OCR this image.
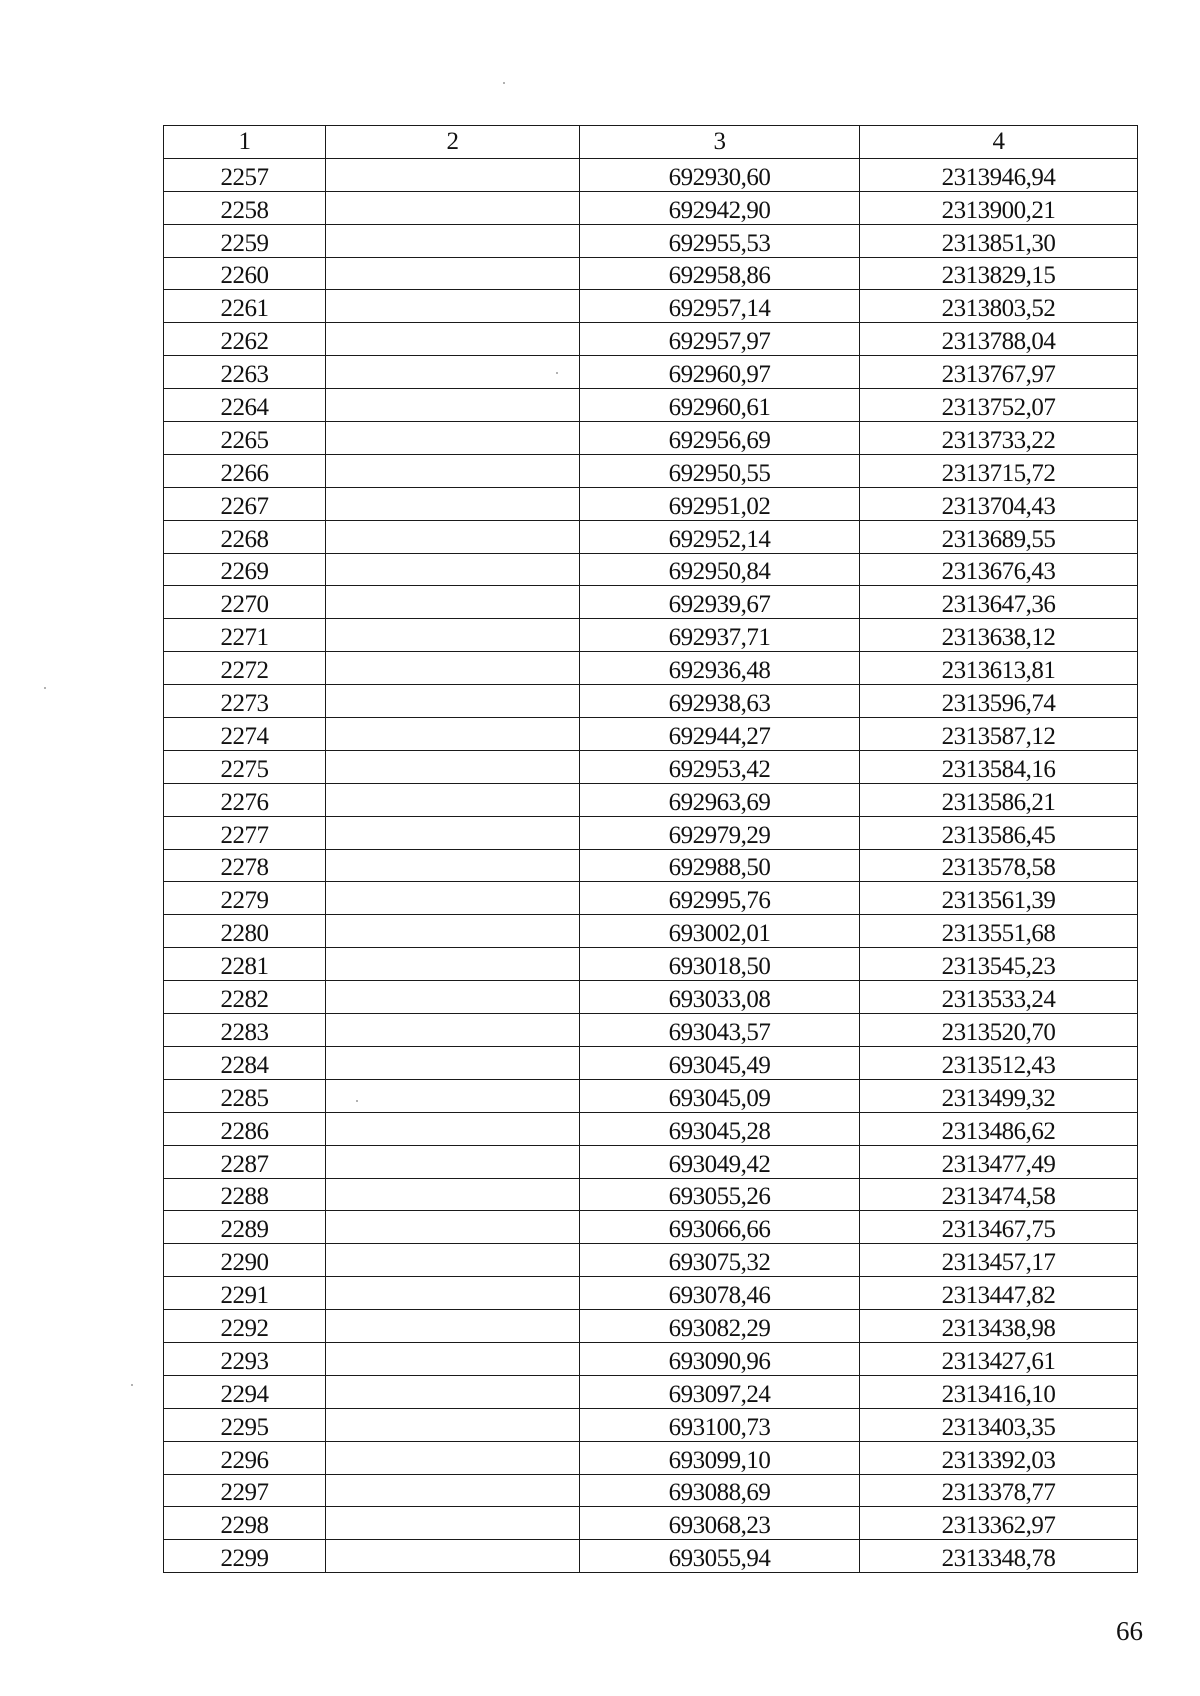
1	2	3	4
2257		692930,60	2313946,94
2258		692942,90	2313900,21
2259		692955,53	2313851,30
2260		692958,86	2313829,15
2261		692957,14	2313803,52
2262		692957,97	2313788,04
2263		692960,97	2313767,97
2264		692960,61	2313752,07
2265		692956,69	2313733,22
2266		692950,55	2313715,72
2267		692951,02	2313704,43
2268		692952,14	2313689,55
2269		692950,84	2313676,43
2270		692939,67	2313647,36
2271		692937,71	2313638,12
2272		692936,48	2313613,81
2273		692938,63	2313596,74
2274		692944,27	2313587,12
2275		692953,42	2313584,16
2276		692963,69	2313586,21
2277		692979,29	2313586,45
2278		692988,50	2313578,58
2279		692995,76	2313561,39
2280		693002,01	2313551,68
2281		693018,50	2313545,23
2282		693033,08	2313533,24
2283		693043,57	2313520,70
2284		693045,49	2313512,43
2285		693045,09	2313499,32
2286		693045,28	2313486,62
2287		693049,42	2313477,49
2288		693055,26	2313474,58
2289		693066,66	2313467,75
2290		693075,32	2313457,17
2291		693078,46	2313447,82
2292		693082,29	2313438,98
2293		693090,96	2313427,61
2294		693097,24	2313416,10
2295		693100,73	2313403,35
2296		693099,10	2313392,03
2297		693088,69	2313378,77
2298		693068,23	2313362,97
2299		693055,94	2313348,78
66
